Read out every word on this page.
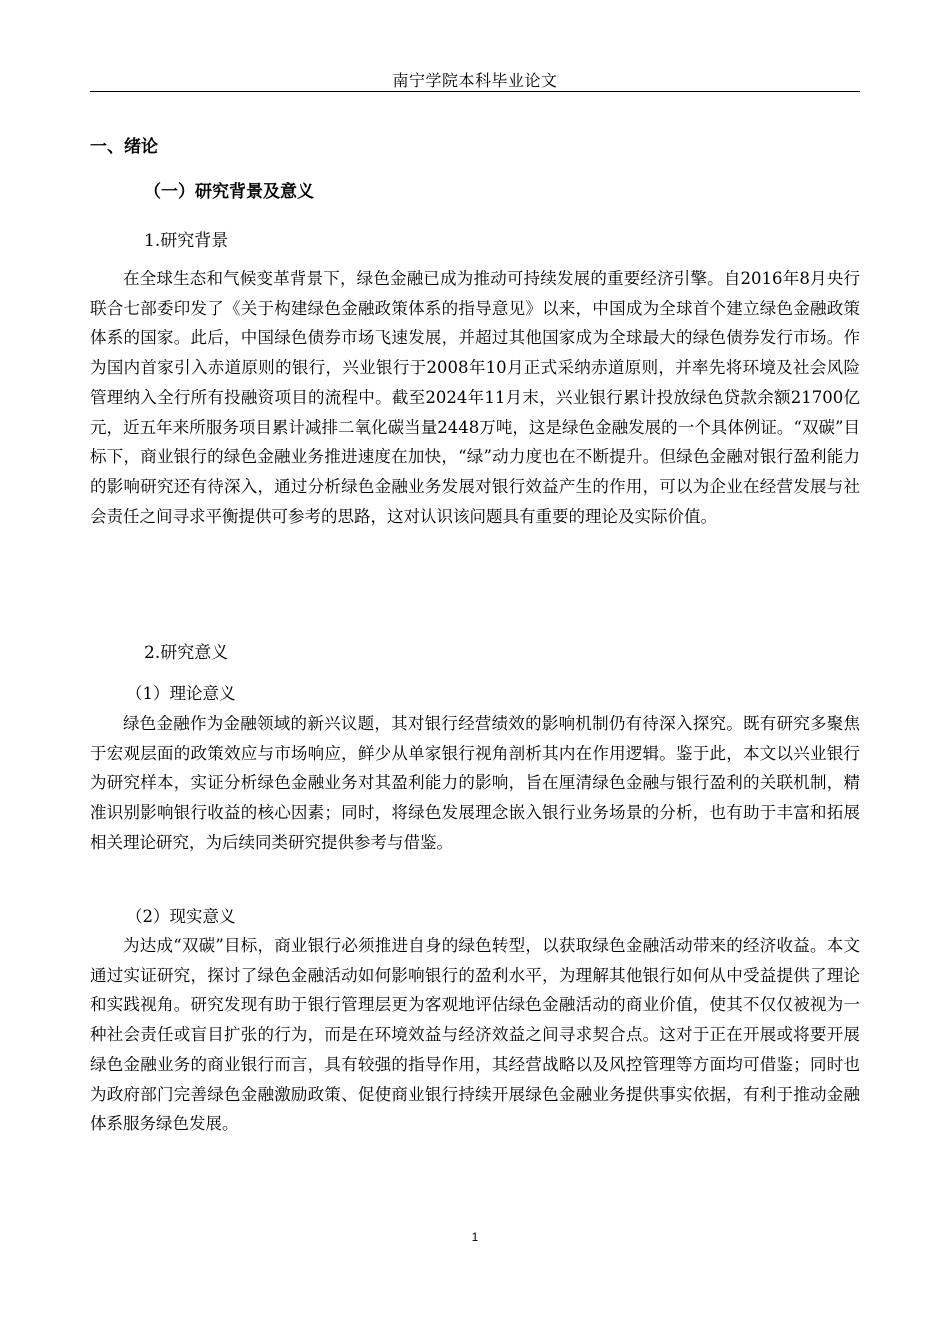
南宁学院本科毕业论文
一、绪论
（一）研究背景及意义
1.研究背景

在全球生态和气候变革背景下，绿色金融已成为推动可持续发展的重要经济引擎。自2016年8月央行联合七部委印发了《关于构建绿色金融政策体系的指导意见》以来，中国成为全球首个建立绿色金融政策体系的国家。此后，中国绿色债券市场飞速发展，并超过其他国家成为全球最大的绿色债券发行市场。作为国内首家引入赤道原则的银行，兴业银行于2008年10月正式采纳赤道原则，并率先将环境及社会风险管理纳入全行所有投融资项目的流程中。截至2024年11月末，兴业银行累计投放绿色贷款余额21700亿元，近五年来所服务项目累计减排二氧化碳当量2448万吨，这是绿色金融发展的一个具体例证。“双碳”目标下，商业银行的绿色金融业务推进速度在加快，“绿”动力度也在不断提升。但绿色金融对银行盈利能力的影响研究还有待深入，通过分析绿色金融业务发展对银行效益产生的作用，可以为企业在经营发展与社会责任之间寻求平衡提供可参考的思路，这对认识该问题具有重要的理论及实际价值。

2.研究意义
（1）理论意义

绿色金融作为金融领域的新兴议题，其对银行经营绩效的影响机制仍有待深入探究。既有研究多聚焦于宏观层面的政策效应与市场响应，鲜少从单家银行视角剖析其内在作用逻辑。鉴于此，本文以兴业银行为研究样本，实证分析绿色金融业务对其盈利能力的影响，旨在厘清绿色金融与银行盈利的关联机制，精准识别影响银行收益的核心因素；同时，将绿色发展理念嵌入银行业务场景的分析，也有助于丰富和拓展相关理论研究，为后续同类研究提供参考与借鉴。

（2）现实意义

为达成“双碳”目标，商业银行必须推进自身的绿色转型，以获取绿色金融活动带来的经济收益。本文通过实证研究，探讨了绿色金融活动如何影响银行的盈利水平，为理解其他银行如何从中受益提供了理论和实践视角。研究发现有助于银行管理层更为客观地评估绿色金融活动的商业价值，使其不仅仅被视为一种社会责任或盲目扩张的行为，而是在环境效益与经济效益之间寻求契合点。这对于正在开展或将要开展绿色金融业务的商业银行而言，具有较强的指导作用，其经营战略以及风控管理等方面均可借鉴；同时也为政府部门完善绿色金融激励政策、促使商业银行持续开展绿色金融业务提供事实依据，有利于推动金融体系服务绿色发展。

1
